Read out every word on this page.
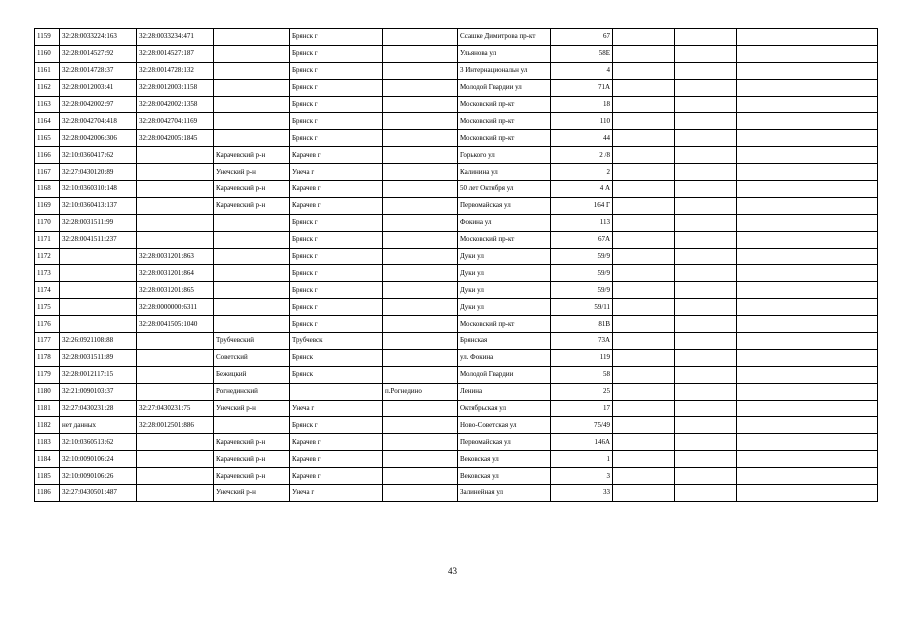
1159	32:28:0033224:163	32:28:0033234:471		Брянск г		Ссашке Димитрова пр-кт	67			
1160	32:28:0014527:92	32:28:0014527:187		Брянск г		Ульянова ул	58Е			
1161	32:28:0014728:37	32:28:0014728:132		Брянск г		3 Интернациональн ул	4			
1162	32:28:0012003:41	32:28:0012003:1158		Брянск г		Молодой Гвардии ул	71А			
1163	32:28:0042002:97	32:28:0042002:1358		Брянск г		Московский пр-кт	18			
1164	32:28:0042704:418	32:28:0042704:1169		Брянск г		Московский пр-кт	110			
1165	32:28:0042006:306	32:28:0042005:1845		Брянск г		Московский пр-кт	44			
1166	32:10:0360417:62		Карачевский р-н	Карачев г		Горького ул	2 /8			
1167	32:27:0430120:89		Унечский р-н	Унеча г		Калинина ул	2			
1168	32:10:0360310:148		Карачевский р-н	Карачев г		50 лет Октября ул	4 А			
1169	32:10:0360413:137		Карачевский р-н	Карачев г		Первомайская ул	164 Г			
1170	32:28:0031511:99			Брянск г		Фокина ул	113			
1171	32:28:0041511:237			Брянск г		Московский пр-кт	67А			
1172		32:28:0031201:863		Брянск г		Дуки ул	59/9			
1173		32:28:0031201:864		Брянск г		Дуки ул	59/9			
1174		32:28:0031201:865		Брянск г		Дуки ул	59/9			
1175		32:28:0000000:6311		Брянск г		Дуки ул	59/11			
1176		32:28:0041505:1040		Брянск г		Московский пр-кт	81В			
1177	32:26:0921108:88		Трубчевский	Трубчевск		Брянская	73А			
1178	32:28:0031511:89		Советский	Брянск		ул. Фокина	119			
1179	32:28:0012117:15		Бежицкий	Брянск		Молодой Гвардии	58			
1180	32:21:0090103:37		Рогнединский		п.Рогнедино	Ленина	25			
1181	32:27:0430231:28	32:27:0430231:75	Унечский р-н	Унеча г		Октябрьская ул	17			
1182	нет данных	32:28:0012501:886		Брянск г		Ново-Советская ул	75/49			
1183	32:10:0360513:62		Карачевский р-н	Карачев г		Первомайская ул	146А			
1184	32:10:0090106:24		Карачевский р-н	Карачев г		Вековская ул	1			
1185	32:10:0090106:26		Карачевский р-н	Карачев г		Вековская ул	3			
1186	32:27:0430501:487		Унечский р-н	Унеча г		Залинейная ул	33			
43
